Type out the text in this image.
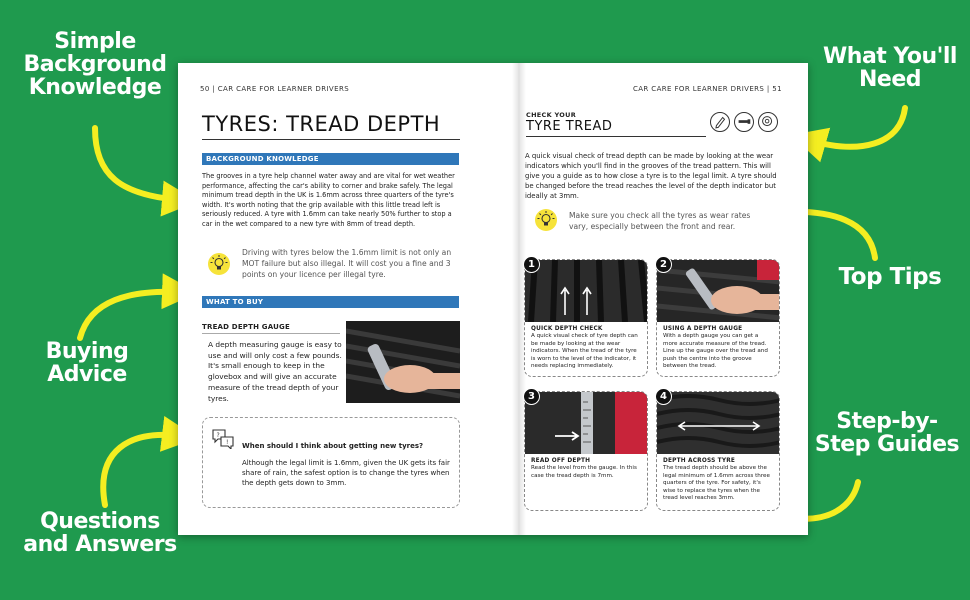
Simple Background Knowledge
Buying Advice
Questions and Answers
What You'll Need
Top Tips
Step-by-Step Guides
50 | CAR CARE FOR LEARNER DRIVERS
TYRES: TREAD DEPTH
BACKGROUND KNOWLEDGE
The grooves in a tyre help channel water away and are vital for wet weather performance, affecting the car's ability to corner and brake safely. The legal minimum tread depth in the UK is 1.6mm across three quarters of the tyre's width. It's worth noting that the grip available with this little tread left is seriously reduced. A tyre with 1.6mm can take nearly 50% further to stop a car in the wet compared to a new tyre with 8mm of tread depth.
Driving with tyres below the 1.6mm limit is not only an MOT failure but also illegal. It will cost you a fine and 3 points on your licence per illegal tyre.
WHAT TO BUY
TREAD DEPTH GAUGE
A depth measuring gauge is easy to use and will only cost a few pounds. It's small enough to keep in the glovebox and will give an accurate measure of the tread depth of your tyres.
?
! When should I think about getting new tyres?
Although the legal limit is 1.6mm, given the UK gets its fair share of rain, the safest option is to change the tyres when the depth gets down to 3mm.
CAR CARE FOR LEARNER DRIVERS | 51
CHECK YOUR
TYRE TREAD
A quick visual check of tread depth can be made by looking at the wear indicators which you'll find in the grooves of the tread pattern. This will give you a guide as to how close a tyre is to the legal limit. A tyre should be changed before the tread reaches the level of the depth indicator but ideally at 3mm.
Make sure you check all the tyres as wear rates vary, especially between the front and rear.
1
QUICK DEPTH CHECK
A quick visual check of tyre depth can be made by looking at the wear indicators. When the tread of the tyre is worn to the level of the indicator, it needs replacing immediately.
2
USING A DEPTH GAUGE
With a depth gauge you can get a more accurate measure of the tread. Line up the gauge over the tread and push the centre into the groove between the tread.
3
READ OFF DEPTH
Read the level from the gauge. In this case the tread depth is 7mm.
4
DEPTH ACROSS TYRE
The tread depth should be above the legal minimum of 1.6mm across three quarters of the tyre. For safety, it's wise to replace the tyres when the tread level reaches 3mm.
